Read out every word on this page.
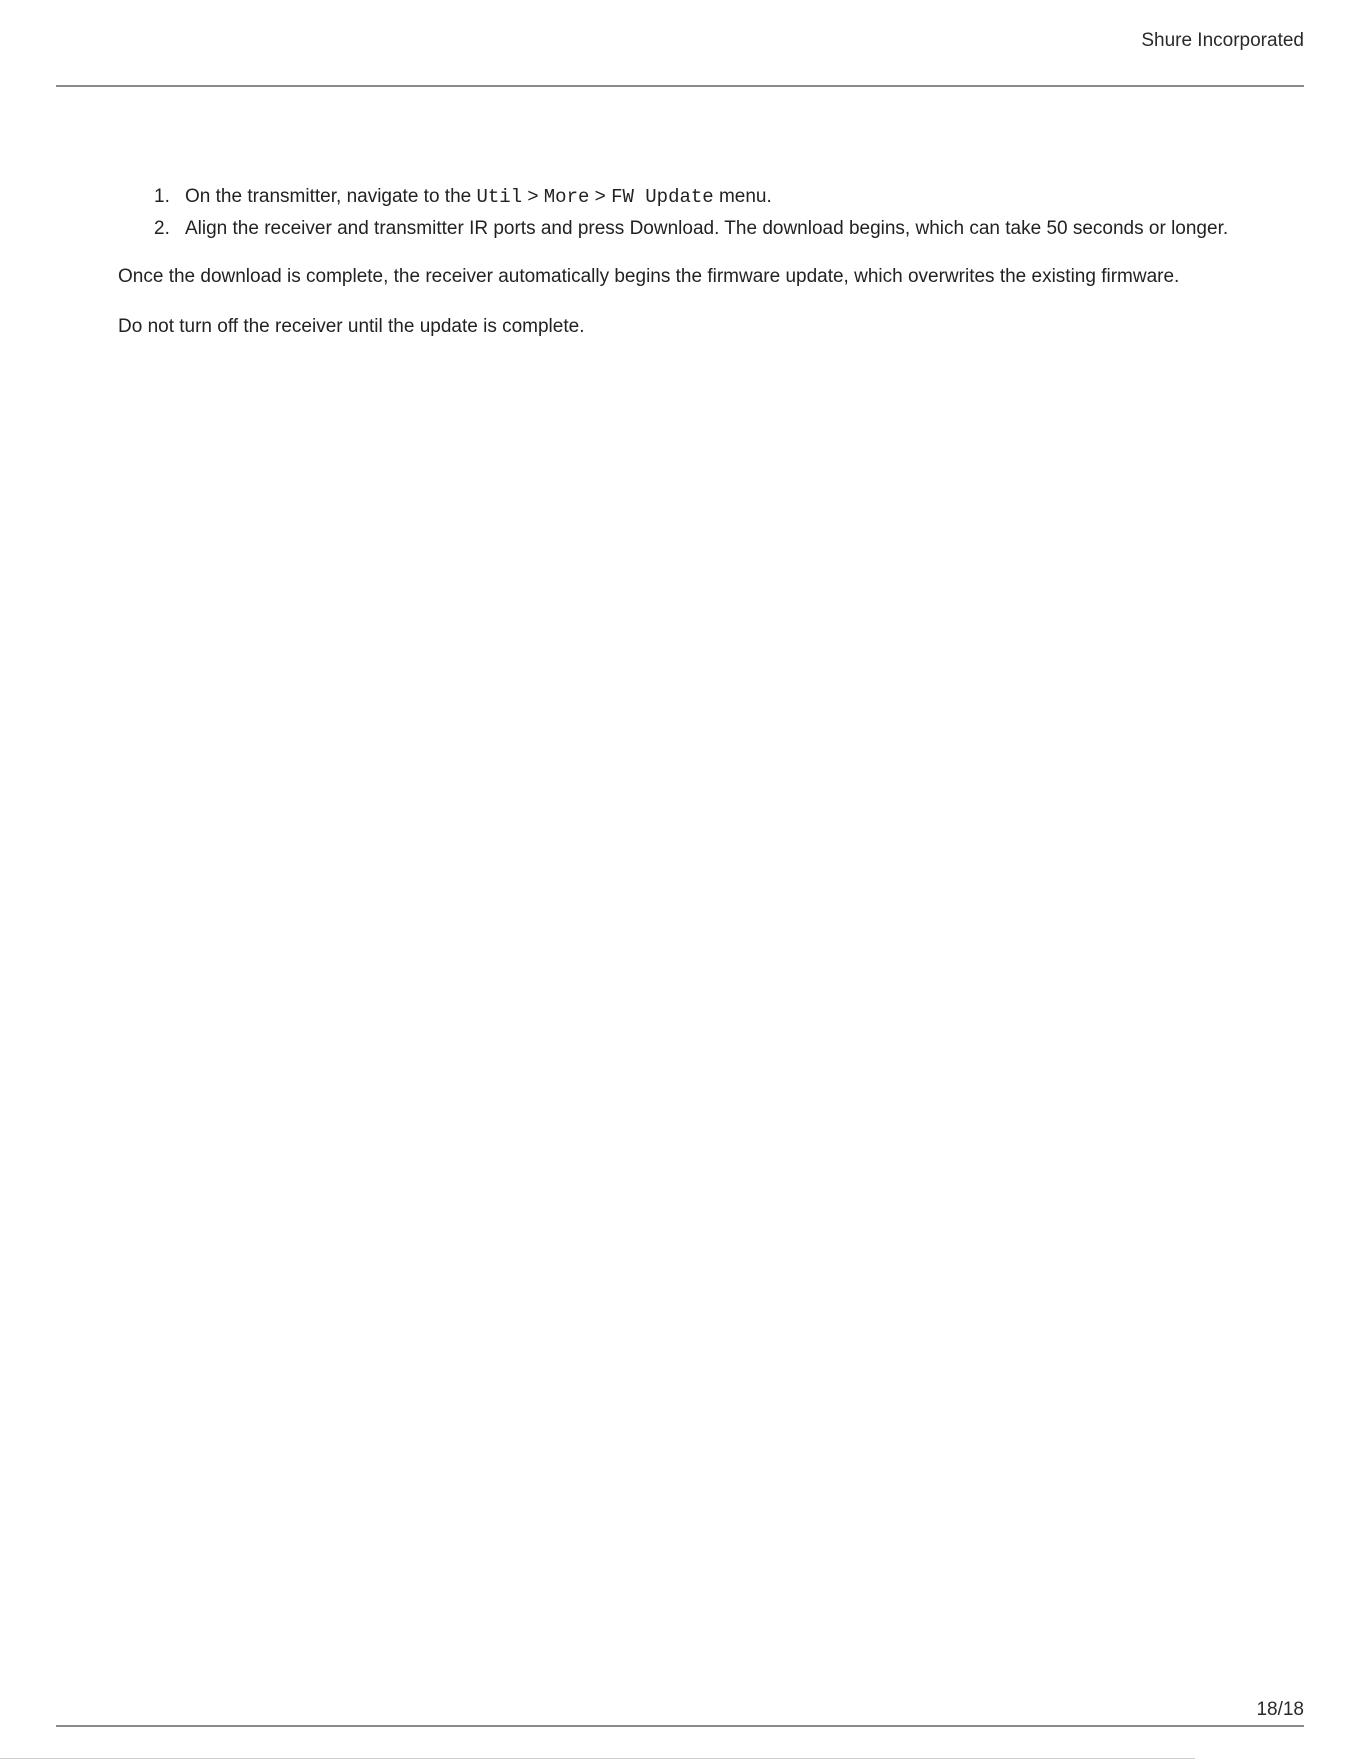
Shure Incorporated
1. On the transmitter, navigate to the Util > More > FW Update menu.
2. Align the receiver and transmitter IR ports and press Download. The download begins, which can take 50 seconds or longer.

Once the download is complete, the receiver automatically begins the firmware update, which overwrites the existing firmware.

Do not turn off the receiver until the update is complete.

18/18
